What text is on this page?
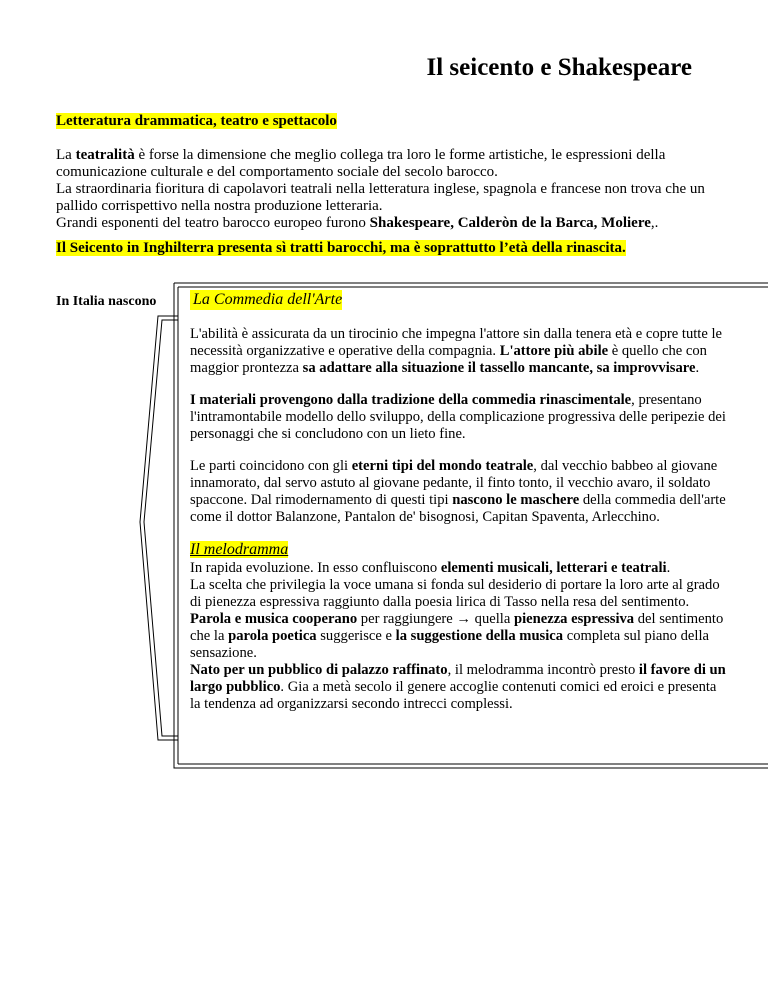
Il seicento e Shakespeare
Letteratura drammatica, teatro e spettacolo

La teatralità è forse la dimensione che meglio collega tra loro le forme artistiche, le espressioni della comunicazione culturale e del comportamento sociale del secolo barocco.

La straordinaria fioritura di capolavori teatrali nella letteratura inglese, spagnola e francese non trova che un pallido corrispettivo nella nostra produzione letteraria.

Grandi esponenti del teatro barocco europeo furono Shakespeare, Calderòn de la Barca, Moliere,.

Il Seicento in Inghilterra presenta sì tratti barocchi, ma è soprattutto l’età della rinascita.
In Italia nascono La Commedia dell'Arte

L'abilità è assicurata da un tirocinio che impegna l'attore sin dalla tenera età e copre tutte le necessità organizzative e operative della compagnia. L'attore più abile è quello che con maggior prontezza sa adattare alla situazione il tassello mancante, sa improvvisare.

I materiali provengono dalla tradizione della commedia rinascimentale, presentano l'intramontabile modello dello sviluppo, della complicazione progressiva delle peripezie dei personaggi che si concludono con un lieto fine.

Le parti coincidono con gli eterni tipi del mondo teatrale, dal vecchio babbeo al giovane innamorato, dal servo astuto al giovane pedante, il finto tonto, il vecchio avaro, il soldato spaccone. Dal rimodernamento di questi tipi nascono le maschere della commedia dell'arte come il dottor Balanzone, Pantalon de' bisognosi, Capitan Spaventa, Arlecchino.

Il melodramma

In rapida evoluzione. In esso confluiscono elementi musicali, letterari e teatrali.

La scelta che privilegia la voce umana si fonda sul desiderio di portare la loro arte al grado di pienezza espressiva raggiunto dalla poesia lirica di Tasso nella resa del sentimento.

Parola e musica cooperano per raggiungere → quella pienezza espressiva del sentimento che la parola poetica suggerisce e la suggestione della musica completa sul piano della sensazione.

Nato per un pubblico di palazzo raffinato, il melodramma incontrò presto il favore di un largo pubblico. Gia a metà secolo il genere accoglie contenuti comici ed eroici e presenta la tendenza ad organizzarsi secondo intrecci complessi.
